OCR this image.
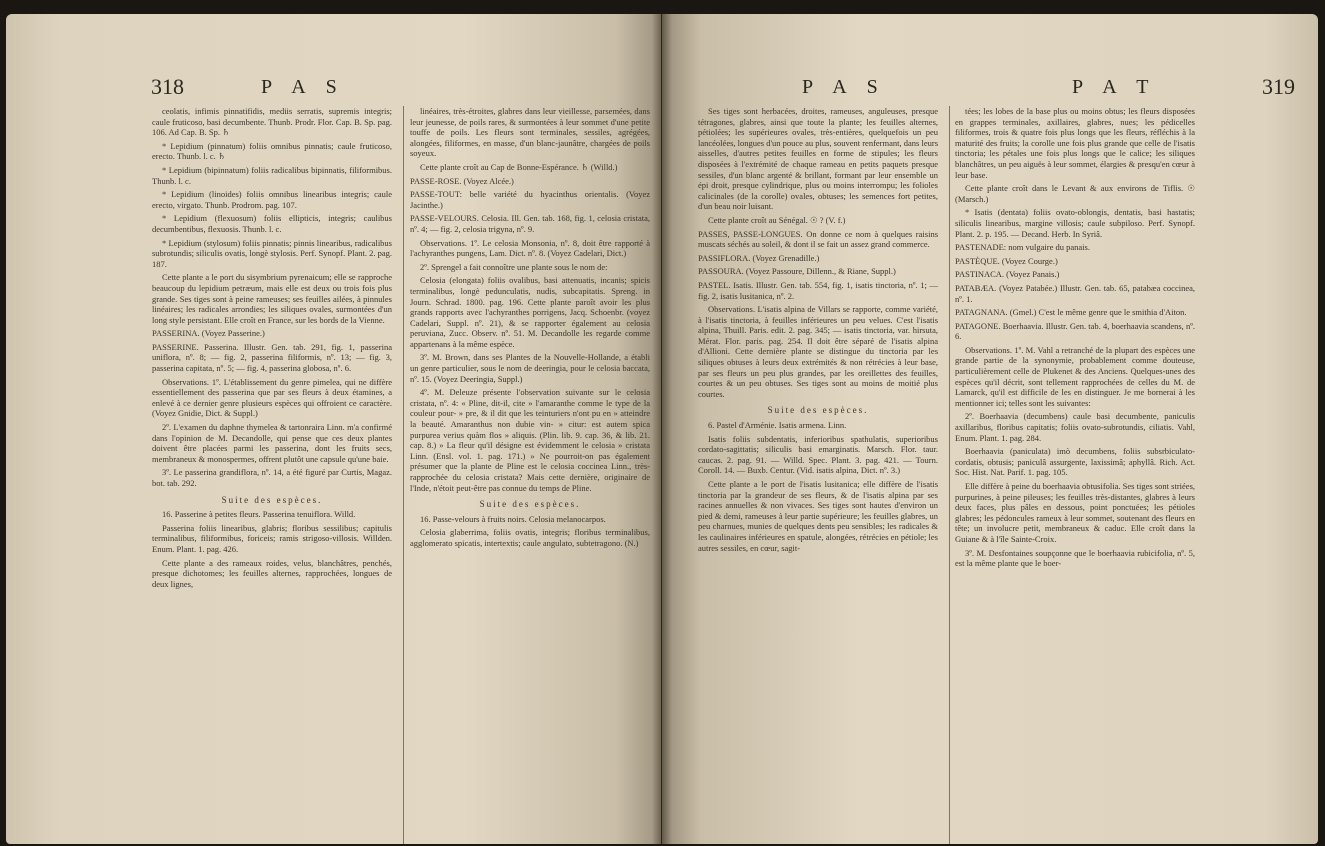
318	P A S

ceolatis, infimis pinnatifidis, mediis serratis, supremis integris; caule fruticoso, basi decumbente. Thunb. Prodr. Flor. Cap. B. Sp. pag. 106. Ad Cap. B. Sp. ♄

* Lepidium (pinnatum) foliis omnibus pinnatis; caule fruticoso, erecto. Thunb. l. c. ♄

* Lepidium (bipinnatum) foliis radicalibus bipinnatis, filiformibus. Thunb. l. c.

* Lepidium (linoides) foliis omnibus linearibus integris; caule erecto, virgato. Thunb. Prodrom. pag. 107.

* Lepidium (flexuosum) foliis ellipticis, integris; caulibus decumbentibus, flexuosis. Thunb. l. c.

* Lepidium (stylosum) foliis pinnatis; pinnis linearibus, radicalibus subrotundis; siliculis ovatis, longè stylosis. Perf. Synopf. Plant. 2. pag. 187.

Cette plante a le port du sisymbrium pyrenaicum; elle se rapproche beaucoup du lepidium petræum, mais elle est deux ou trois fois plus grande. Ses tiges sont à peine rameuses; ses feuilles ailées, à pinnules linéaires; les radicales arrondies; les siliques ovales, surmontées d'un long style persistant. Elle croît en France, sur les bords de la Vienne.

PASSERINA. (Voyez Passerine.)

PASSERINE. Passerina. Illustr. Gen. tab. 291, fig. 1, passerina uniflora, nº. 8; — fig. 2, passerina filiformis, nº. 13; — fig. 3, passerina capitata, nº. 5; — fig. 4, passerina globosa, nº. 6.

Observations. 1º. L'établissement du genre pimelea, qui ne diffère essentiellement des passerina que par ses fleurs à deux étamines, a enlevé à ce dernier genre plusieurs espèces qui offroient ce caractère. (Voyez Gnidie, Dict. & Suppl.)

2º. L'examen du daphne thymelea & tartonraira Linn. m'a confirmé dans l'opinion de M. Decandolle, qui pense que ces deux plantes doivent être placées parmi les passerina, dont les fruits secs, membraneux & monospermes, offrent plutôt une capsule qu'une baie.

3º. Le passerina grandiflora, nº. 14, a été figuré par Curtis, Magaz. bot. tab. 292.

Suite des espèces.

16. Passerine à petites fleurs. Passerina tenuiflora. Willd.

Passerina foliis linearibus, glabris; floribus sessilibus; capitulis terminalibus, filiformibus, foriceis; ramis strigoso-villosis. Willden. Enum. Plant. 1. pag. 426.

Cette plante a des rameaux roides, velus, blanchâtres, penchés, presque dichotomes; les feuilles alternes, rapprochées, longues de deux lignes,

linéaires, très-étroites, glabres dans leur vieillesse, parsemées, dans leur jeunesse, de poils rares, & surmontées à leur sommet d'une petite touffe de poils. Les fleurs sont terminales, sessiles, agrégées, alongées, filiformes, en masse, d'un blanc-jaunâtre, chargées de poils soyeux.

Cette plante croît au Cap de Bonne-Espérance. ♄ (Willd.)

PASSE-ROSE. (Voyez Alcée.)

PASSE-TOUT: belle variété du hyacinthus orientalis. (Voyez Jacinthe.)

PASSE-VELOURS. Celosia. Ill. Gen. tab. 168, fig. 1, celosia cristata, nº. 4; — fig. 2, celosia trigyna, nº. 9.

Observations. 1º. Le celosia Monsonia, nº. 8, doit être rapporté à l'achyranthes pungens, Lam. Dict. nº. 8. (Voyez Cadelari, Dict.)

2º. Sprengel a fait connoître une plante sous le nom de:

Celosia (elongata) foliis ovalibus, basi attenuatis, incanis; spicis terminalibus, longè pedunculatis, nudis, subcapitatis. Spreng. in Journ. Schrad. 1800. pag. 196. Cette plante paroît avoir les plus grands rapports avec l'achyranthes porrigens, Jacq. Schoenbr. (voyez Cadelari, Suppl. nº. 21), & se rapporter également au celosia peruviana, Zucc. Observ. nº. 51. M. Decandolle les regarde comme appartenans à la même espèce.

3º. M. Brown, dans ses Plantes de la Nouvelle-Hollande, a établi un genre particulier, sous le nom de deeringia, pour le celosia baccata, nº. 15. (Voyez Deeringia, Suppl.)

4º. M. Deleuze présente l'observation suivante sur le celosia cristata, nº. 4: « Pline, dit-il, cite » l'amaranthe comme le type de la couleur pour- » pre, & il dit que les teinturiers n'ont pu en » atteindre la beauté. Amaranthus non dubie vin- » citur: est autem spica purpurea verius quàm flos » aliquis. (Plin. lib. 9. cap. 36, & lib. 21. cap. 8.) » La fleur qu'il désigne est évidemment le celosia » cristata Linn. (Ensl. vol. 1. pag. 171.) » Ne pourroit-on pas également présumer que la plante de Pline est le celosia coccinea Linn., très-rapprochée du celosia cristata? Mais cette dernière, originaire de l'Inde, n'étoit peut-être pas connue du temps de Pline.

Suite des espèces.

16. Passe-velours à fruits noirs. Celosia melanocarpos.

Celosia glaberrima, foliis ovatis, integris; floribus terminalibus, agglomerato spicatis, intertextis; caule angulato, subtetragono. (N.)

P A S	P A T	319

Ses tiges sont herbacées, droites, rameuses, anguleuses, presque tétragones, glabres, ainsi que toute la plante; les feuilles alternes, pétiolées; les supérieures ovales, très-entières, quelquefois un peu lancéolées, longues d'un pouce au plus, souvent renfermant, dans leurs aisselles, d'autres petites feuilles en forme de stipules; les fleurs disposées à l'extrémité de chaque rameau en petits paquets presque sessiles, d'un blanc argenté & brillant, formant par leur ensemble un épi droit, presque cylindrique, plus ou moins interrompu; les folioles calicinales (de la corolle) ovales, obtuses; les semences fort petites, d'un beau noir luisant.

Cette plante croît au Sénégal. ☉ ? (V. f.)

PASSES, PASSE-LONGUES. On donne ce nom à quelques raisins muscats séchés au soleil, & dont il se fait un assez grand commerce.

PASSIFLORA. (Voyez Grenadille.)

PASSOURA. (Voyez Passoure, Dillenn., & Riane, Suppl.)

PASTEL. Isatis. Illustr. Gen. tab. 554, fig. 1, isatis tinctoria, nº. 1; — fig. 2, isatis lusitanica, nº. 2.

Observations. L'isatis alpina de Villars se rapporte, comme variété, à l'isatis tinctoria, à feuilles inférieures un peu velues. C'est l'isatis alpina, Thuill. Paris. edit. 2. pag. 345; — isatis tinctoria, var. hirsuta, Mérat. Flor. paris. pag. 254. Il doit être séparé de l'isatis alpina d'Allioni. Cette dernière plante se distingue du tinctoria par les siliques obtuses à leurs deux extrémités & non rétrécies à leur base, par ses fleurs un peu plus grandes, par les oreillettes des feuilles, courtes & un peu obtuses. Ses tiges sont au moins de moitié plus courtes.

Suite des espèces.

6. Pastel d'Arménie. Isatis armena. Linn.

Isatis foliis subdentatis, inferioribus spathulatis, superioribus cordato-sagittatis; siliculis basi emarginatis. Marsch. Flor. taur. caucas. 2. pag. 91. — Willd. Spec. Plant. 3. pag. 421. — Tourn. Coroll. 14. — Buxb. Centur. (Vid. isatis alpina, Dict. nº. 3.)

Cette plante a le port de l'isatis lusitanica; elle diffère de l'isatis tinctoria par la grandeur de ses fleurs, & de l'isatis alpina par ses racines annuelles & non vivaces. Ses tiges sont hautes d'environ un pied & demi, rameuses à leur partie supérieure; les feuilles glabres, un peu charnues, munies de quelques dents peu sensibles; les radicales & les caulinaires inférieures en spatule, alongées, rétrécies en pétiole; les autres sessiles, en cœur, sagit-

tées; les lobes de la base plus ou moins obtus; les fleurs disposées en grappes terminales, axillaires, glabres, nues; les pédicelles filiformes, trois & quatre fois plus longs que les fleurs, réfléchis à la maturité des fruits; la corolle une fois plus grande que celle de l'isatis tinctoria; les pétales une fois plus longs que le calice; les siliques blanchâtres, un peu aiguës à leur sommet, élargies & presqu'en cœur à leur base.

Cette plante croît dans le Levant & aux environs de Tiflis. ☉ (Marsch.)

* Isatis (dentata) foliis ovato-oblongis, dentatis, basi hastatis; siliculis linearibus, margine villosis; caule subpiloso. Perf. Synopf. Plant. 2. p. 195. — Decand. Herb. In Syriâ.

PASTENADE: nom vulgaire du panais.

PASTÈQUE. (Voyez Courge.)

PASTINACA. (Voyez Panais.)

PATABÆA. (Voyez Patabée.) Illustr. Gen. tab. 65, patabæa coccinea, nº. 1.

PATAGNANA. (Gmel.) C'est le même genre que le smithia d'Aiton.

PATAGONE. Boerhaavia. Illustr. Gen. tab. 4, boerhaavia scandens, nº. 6.

Observations. 1º. M. Vahl a retranché de la plupart des espèces une grande partie de la synonymie, probablement comme douteuse, particulièrement celle de Plukenet & des Anciens. Quelques-unes des espèces qu'il décrit, sont tellement rapprochées de celles du M. de Lamarck, qu'il est difficile de les en distinguer. Je me bornerai à les mentionner ici; telles sont les suivantes:

2º. Boerhaavia (decumbens) caule basi decumbente, paniculis axillaribus, floribus capitatis; foliis ovato-subrotundis, ciliatis. Vahl, Enum. Plant. 1. pag. 284.

Boerhaavia (paniculata) imò decumbens, foliis subsrbiculato-cordatis, obtusis; paniculâ assurgente, laxissimâ; aphyllâ. Rich. Act. Soc. Hist. Nat. Parif. 1. pag. 105.

Elle diffère à peine du boerhaavia obtusifolia. Ses tiges sont striées, purpurines, à peine pileuses; les feuilles très-distantes, glabres à leurs deux faces, plus pâles en dessous, point ponctuées; les pétioles glabres; les pédoncules rameux à leur sommet, soutenant des fleurs en tête; un involucre petit, membraneux & caduc. Elle croît dans la Guiane & à l'île Sainte-Croix.

3º. M. Desfontaines soupçonne que le boerhaavia rubicifolia, nº. 5, est la même plante que le boer-
